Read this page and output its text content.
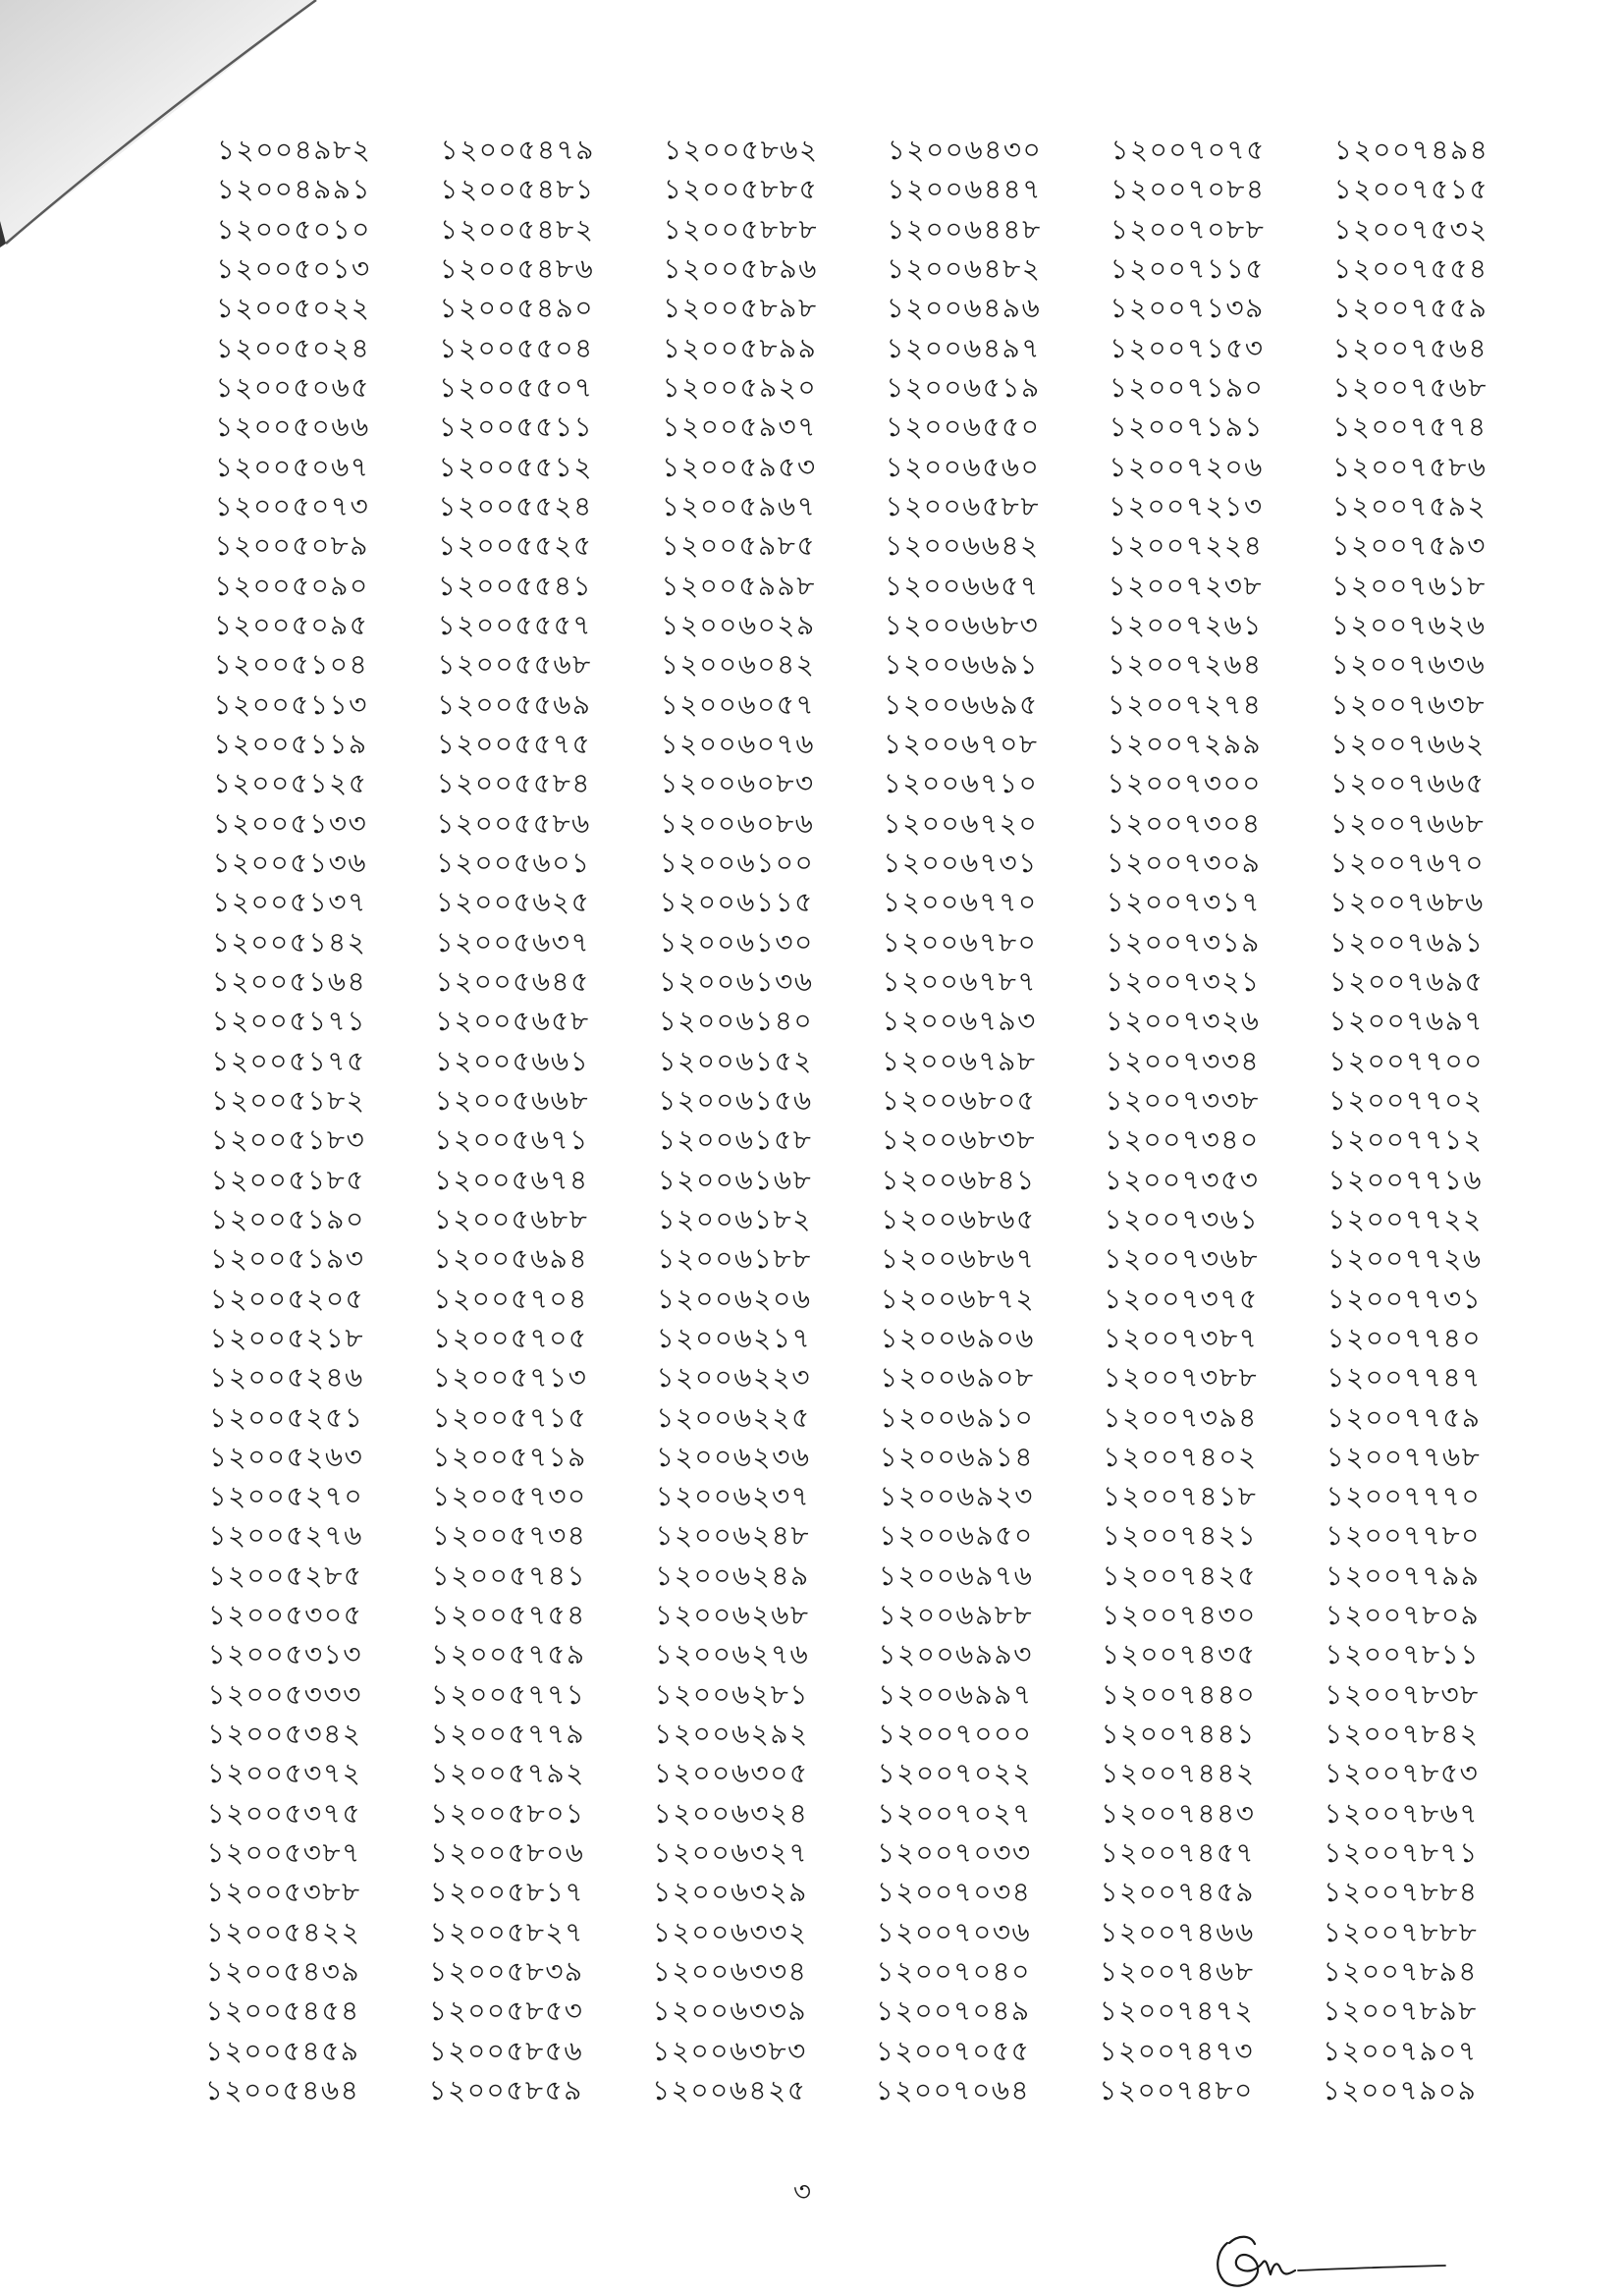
১২০০৪৯৮২
১২০০৪৯৯১
১২০০৫০১০
১২০০৫০১৩
১২০০৫০২২
১২০০৫০২৪
১২০০৫০৬৫
১২০০৫০৬৬
১২০০৫০৬৭
১২০০৫০৭৩
১২০০৫০৮৯
১২০০৫০৯০
১২০০৫০৯৫
১২০০৫১০৪
১২০০৫১১৩
১২০০৫১১৯
১২০০৫১২৫
১২০০৫১৩৩
১২০০৫১৩৬
১২০০৫১৩৭
১২০০৫১৪২
১২০০৫১৬৪
১২০০৫১৭১
১২০০৫১৭৫
১২০০৫১৮২
১২০০৫১৮৩
১২০০৫১৮৫
১২০০৫১৯০
১২০০৫১৯৩
১২০০৫২০৫
১২০০৫২১৮
১২০০৫২৪৬
১২০০৫২৫১
১২০০৫২৬৩
১২০০৫২৭০
১২০০৫২৭৬
১২০০৫২৮৫
১২০০৫৩০৫
১২০০৫৩১৩
১২০০৫৩৩৩
১২০০৫৩৪২
১২০০৫৩৭২
১২০০৫৩৭৫
১২০০৫৩৮৭
১২০০৫৩৮৮
১২০০৫৪২২
১২০০৫৪৩৯
১২০০৫৪৫৪
১২০০৫৪৫৯
১২০০৫৪৬৪
১২০০৫৪৭৯
১২০০৫৪৮১
১২০০৫৪৮২
১২০০৫৪৮৬
১২০০৫৪৯০
১২০০৫৫০৪
১২০০৫৫০৭
১২০০৫৫১১
১২০০৫৫১২
১২০০৫৫২৪
১২০০৫৫২৫
১২০০৫৫৪১
১২০০৫৫৫৭
১২০০৫৫৬৮
১২০০৫৫৬৯
১২০০৫৫৭৫
১২০০৫৫৮৪
১২০০৫৫৮৬
১২০০৫৬০১
১২০০৫৬২৫
১২০০৫৬৩৭
১২০০৫৬৪৫
১২০০৫৬৫৮
১২০০৫৬৬১
১২০০৫৬৬৮
১২০০৫৬৭১
১২০০৫৬৭৪
১২০০৫৬৮৮
১২০০৫৬৯৪
১২০০৫৭০৪
১২০০৫৭০৫
১২০০৫৭১৩
১২০০৫৭১৫
১২০০৫৭১৯
১২০০৫৭৩০
১২০০৫৭৩৪
১২০০৫৭৪১
১২০০৫৭৫৪
১২০০৫৭৫৯
১২০০৫৭৭১
১২০০৫৭৭৯
১২০০৫৭৯২
১২০০৫৮০১
১২০০৫৮০৬
১২০০৫৮১৭
১২০০৫৮২৭
১২০০৫৮৩৯
১২০০৫৮৫৩
১২০০৫৮৫৬
১২০০৫৮৫৯
১২০০৫৮৬২
১২০০৫৮৮৫
১২০০৫৮৮৮
১২০০৫৮৯৬
১২০০৫৮৯৮
১২০০৫৮৯৯
১২০০৫৯২০
১২০০৫৯৩৭
১২০০৫৯৫৩
১২০০৫৯৬৭
১২০০৫৯৮৫
১২০০৫৯৯৮
১২০০৬০২৯
১২০০৬০৪২
১২০০৬০৫৭
১২০০৬০৭৬
১২০০৬০৮৩
১২০০৬০৮৬
১২০০৬১০০
১২০০৬১১৫
১২০০৬১৩০
১২০০৬১৩৬
১২০০৬১৪০
১২০০৬১৫২
১২০০৬১৫৬
১২০০৬১৫৮
১২০০৬১৬৮
১২০০৬১৮২
১২০০৬১৮৮
১২০০৬২০৬
১২০০৬২১৭
১২০০৬২২৩
১২০০৬২২৫
১২০০৬২৩৬
১২০০৬২৩৭
১২০০৬২৪৮
১২০০৬২৪৯
১২০০৬২৬৮
১২০০৬২৭৬
১২০০৬২৮১
১২০০৬২৯২
১২০০৬৩০৫
১২০০৬৩২৪
১২০০৬৩২৭
১২০০৬৩২৯
১২০০৬৩৩২
১২০০৬৩৩৪
১২০০৬৩৩৯
১২০০৬৩৮৩
১২০০৬৪২৫
১২০০৬৪৩০
১২০০৬৪৪৭
১২০০৬৪৪৮
১২০০৬৪৮২
১২০০৬৪৯৬
১২০০৬৪৯৭
১২০০৬৫১৯
১২০০৬৫৫০
১২০০৬৫৬০
১২০০৬৫৮৮
১২০০৬৬৪২
১২০০৬৬৫৭
১২০০৬৬৮৩
১২০০৬৬৯১
১২০০৬৬৯৫
১২০০৬৭০৮
১২০০৬৭১০
১২০০৬৭২০
১২০০৬৭৩১
১২০০৬৭৭০
১২০০৬৭৮০
১২০০৬৭৮৭
১২০০৬৭৯৩
১২০০৬৭৯৮
১২০০৬৮০৫
১২০০৬৮৩৮
১২০০৬৮৪১
১২০০৬৮৬৫
১২০০৬৮৬৭
১২০০৬৮৭২
১২০০৬৯০৬
১২০০৬৯০৮
১২০০৬৯১০
১২০০৬৯১৪
১২০০৬৯২৩
১২০০৬৯৫০
১২০০৬৯৭৬
১২০০৬৯৮৮
১২০০৬৯৯৩
১২০০৬৯৯৭
১২০০৭০০০
১২০০৭০২২
১২০০৭০২৭
১২০০৭০৩৩
১২০০৭০৩৪
১২০০৭০৩৬
১২০০৭০৪০
১২০০৭০৪৯
১২০০৭০৫৫
১২০০৭০৬৪
১২০০৭০৭৫
১২০০৭০৮৪
১২০০৭০৮৮
১২০০৭১১৫
১২০০৭১৩৯
১২০০৭১৫৩
১২০০৭১৯০
১২০০৭১৯১
১২০০৭২০৬
১২০০৭২১৩
১২০০৭২২৪
১২০০৭২৩৮
১২০০৭২৬১
১২০০৭২৬৪
১২০০৭২৭৪
১২০০৭২৯৯
১২০০৭৩০০
১২০০৭৩০৪
১২০০৭৩০৯
১২০০৭৩১৭
১২০০৭৩১৯
১২০০৭৩২১
১২০০৭৩২৬
১২০০৭৩৩৪
১২০০৭৩৩৮
১২০০৭৩৪০
১২০০৭৩৫৩
১২০০৭৩৬১
১২০০৭৩৬৮
১২০০৭৩৭৫
১২০০৭৩৮৭
১২০০৭৩৮৮
১২০০৭৩৯৪
১২০০৭৪০২
১২০০৭৪১৮
১২০০৭৪২১
১২০০৭৪২৫
১২০০৭৪৩০
১২০০৭৪৩৫
১২০০৭৪৪০
১২০০৭৪৪১
১২০০৭৪৪২
১২০০৭৪৪৩
১২০০৭৪৫৭
১২০০৭৪৫৯
১২০০৭৪৬৬
১২০০৭৪৬৮
১২০০৭৪৭২
১২০০৭৪৭৩
১২০০৭৪৮০
১২০০৭৪৯৪
১২০০৭৫১৫
১২০০৭৫৩২
১২০০৭৫৫৪
১২০০৭৫৫৯
১২০০৭৫৬৪
১২০০৭৫৬৮
১২০০৭৫৭৪
১২০০৭৫৮৬
১২০০৭৫৯২
১২০০৭৫৯৩
১২০০৭৬১৮
১২০০৭৬২৬
১২০০৭৬৩৬
১২০০৭৬৩৮
১২০০৭৬৬২
১২০০৭৬৬৫
১২০০৭৬৬৮
১২০০৭৬৭০
১২০০৭৬৮৬
১২০০৭৬৯১
১২০০৭৬৯৫
১২০০৭৬৯৭
১২০০৭৭০০
১২০০৭৭০২
১২০০৭৭১২
১২০০৭৭১৬
১২০০৭৭২২
১২০০৭৭২৬
১২০০৭৭৩১
১২০০৭৭৪০
১২০০৭৭৪৭
১২০০৭৭৫৯
১২০০৭৭৬৮
১২০০৭৭৭০
১২০০৭৭৮০
১২০০৭৭৯৯
১২০০৭৮০৯
১২০০৭৮১১
১২০০৭৮৩৮
১২০০৭৮৪২
১২০০৭৮৫৩
১২০০৭৮৬৭
১২০০৭৮৭১
১২০০৭৮৮৪
১২০০৭৮৮৮
১২০০৭৮৯৪
১২০০৭৮৯৮
১২০০৭৯০৭
১২০০৭৯০৯
৩
